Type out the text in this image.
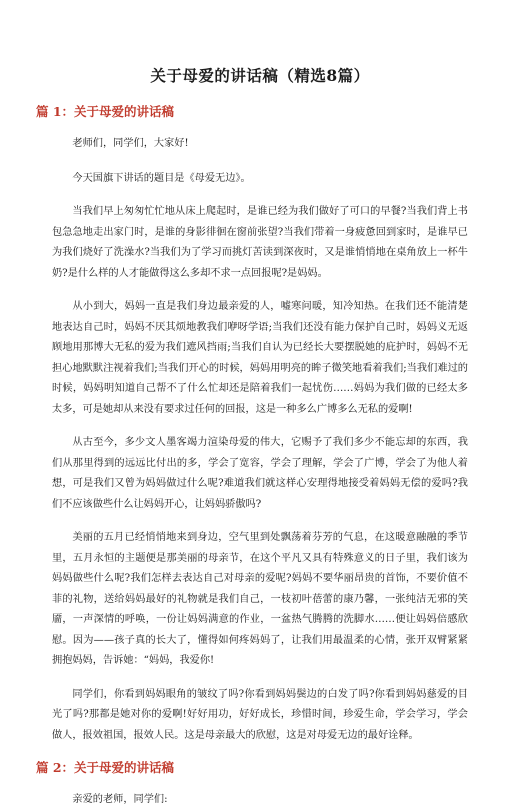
关于母爱的讲话稿（精选8篇）
篇 1：关于母爱的讲话稿

老师们，同学们，大家好!

今天国旗下讲话的题目是《母爱无边》。

当我们早上匆匆忙忙地从床上爬起时，是谁已经为我们做好了可口的早餐?当我们背上书包急急地走出家门时，是谁的身影徘徊在窗前张望?当我们带着一身疲惫回到家时，是谁早已为我们烧好了洗澡水?当我们为了学习而挑灯苦读到深夜时，又是谁悄悄地在桌角放上一杯牛奶?是什么样的人才能做得这么多却不求一点回报呢?是妈妈。

从小到大，妈妈一直是我们身边最亲爱的人，嘘寒问暖，知冷知热。在我们还不能清楚地表达自己时，妈妈不厌其烦地教我们咿呀学语;当我们还没有能力保护自己时，妈妈义无返顾地用那博大无私的爱为我们遮风挡雨;当我们自认为已经长大要摆脱她的庇护时，妈妈不无担心地默默注视着我们;当我们开心的时候，妈妈用明亮的眸子微笑地看着我们;当我们难过的时候，妈妈明知道自己帮不了什么忙却还是陪着我们一起忧伤……妈妈为我们做的已经太多太多，可是她却从来没有要求过任何的回报，这是一种多么广博多么无私的爱啊!

从古至今，多少文人墨客竭力渲染母爱的伟大，它赐予了我们多少不能忘却的东西，我们从那里得到的远远比付出的多，学会了宽容，学会了理解，学会了广博，学会了为他人着想，可是我们又曾为妈妈做过什么呢?难道我们就这样心安理得地接受着妈妈无偿的爱吗?我们不应该做些什么让妈妈开心，让妈妈骄傲吗?

美丽的五月已经悄悄地来到身边，空气里到处飘荡着芬芳的气息，在这暖意融融的季节里，五月永恒的主题便是那美丽的母亲节，在这个平凡又具有特殊意义的日子里，我们该为妈妈做些什么呢?我们怎样去表达自己对母亲的爱呢?妈妈不要华丽昂贵的首饰，不要价值不菲的礼物，送给妈妈最好的礼物就是我们自己，一枝初叶蓓蕾的康乃馨，一张纯洁无邪的笑靥，一声深情的呼唤，一份让妈妈满意的作业，一盆热气腾腾的洗脚水……便让妈妈倍感欣慰。因为——孩子真的长大了，懂得如何疼妈妈了，让我们用最温柔的心情，张开双臂紧紧拥抱妈妈，告诉她：“妈妈，我爱你!

同学们，你看到妈妈眼角的皱纹了吗?你看到妈妈鬓边的白发了吗?你看到妈妈慈爱的目光了吗?那都是她对你的爱啊!好好用功，好好成长，珍惜时间，珍爱生命，学会学习，学会做人，报效祖国，报效人民。这是母亲最大的欣慰，这是对母爱无边的最好诠释。

篇 2：关于母爱的讲话稿

亲爱的老师，同学们:
